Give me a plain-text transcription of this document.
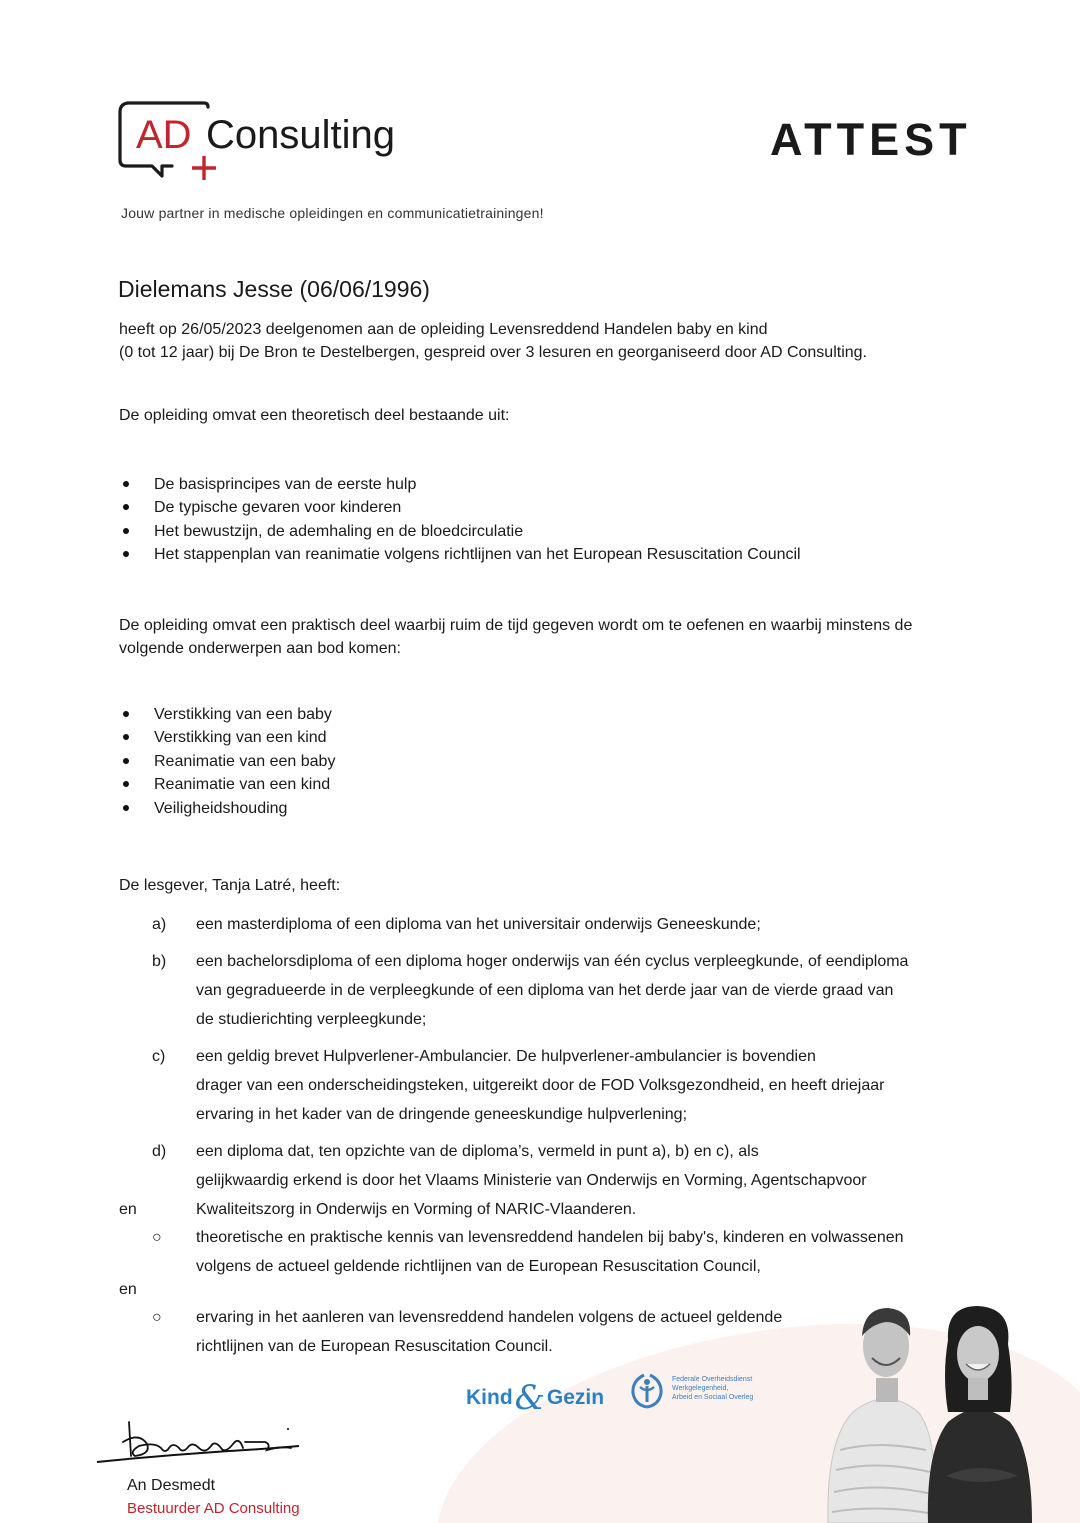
AD Consulting
Jouw partner in medische opleidingen en communicatietrainingen!
ATTEST
Dielemans Jesse (06/06/1996)

heeft op 26/05/2023 deelgenomen aan de opleiding Levensreddend Handelen baby en kind

(0 tot 12 jaar) bij De Bron te Destelbergen, gespreid over 3 lesuren en georganiseerd door AD Consulting.

De opleiding omvat een theoretisch deel bestaande uit:
De basisprincipes van de eerste hulp
De typische gevaren voor kinderen
Het bewustzijn, de ademhaling en de bloedcirculatie
Het stappenplan van reanimatie volgens richtlijnen van het European Resuscitation Council
De opleiding omvat een praktisch deel waarbij ruim de tijd gegeven wordt om te oefenen en waarbij minstens de
volgende onderwerpen aan bod komen:
Verstikking van een baby
Verstikking van een kind
Reanimatie van een baby
Reanimatie van een kind
Veiligheidshouding
De lesgever, Tanja Latré, heeft:
a) een masterdiploma of een diploma van het universitair onderwijs Geneeskunde;
b) een bachelorsdiploma of een diploma hoger onderwijs van één cyclus verpleegkunde, of eendiploma
van gegradueerde in de verpleegkunde of een diploma van het derde jaar van de vierde graad van
de studierichting verpleegkunde;
c) een geldig brevet Hulpverlener-Ambulancier. De hulpverlener-ambulancier is bovendien
drager van een onderscheidingsteken, uitgereikt door de FOD Volksgezondheid, en heeft driejaar
ervaring in het kader van de dringende geneeskundige hulpverlening;
d) een diploma dat, ten opzichte van de diploma’s, vermeld in punt a), b) en c), als
gelijkwaardig erkend is door het Vlaams Ministerie van Onderwijs en Vorming, Agentschapvoor
Kwaliteitszorg in Onderwijs en Vorming of NARIC-Vlaanderen.
en
○ theoretische en praktische kennis van levensreddend handelen bij baby's, kinderen en volwassenen
volgens de actueel geldende richtlijnen van de European Resuscitation Council,
en
○ ervaring in het aanleren van levensreddend handelen volgens de actueel geldende
richtlijnen van de European Resuscitation Council.
Kind&Gezin
Federale Overheidsdienst
Werkgelegenheid,
Arbeid en Sociaal Overleg
An Desmedt
Bestuurder AD Consulting
